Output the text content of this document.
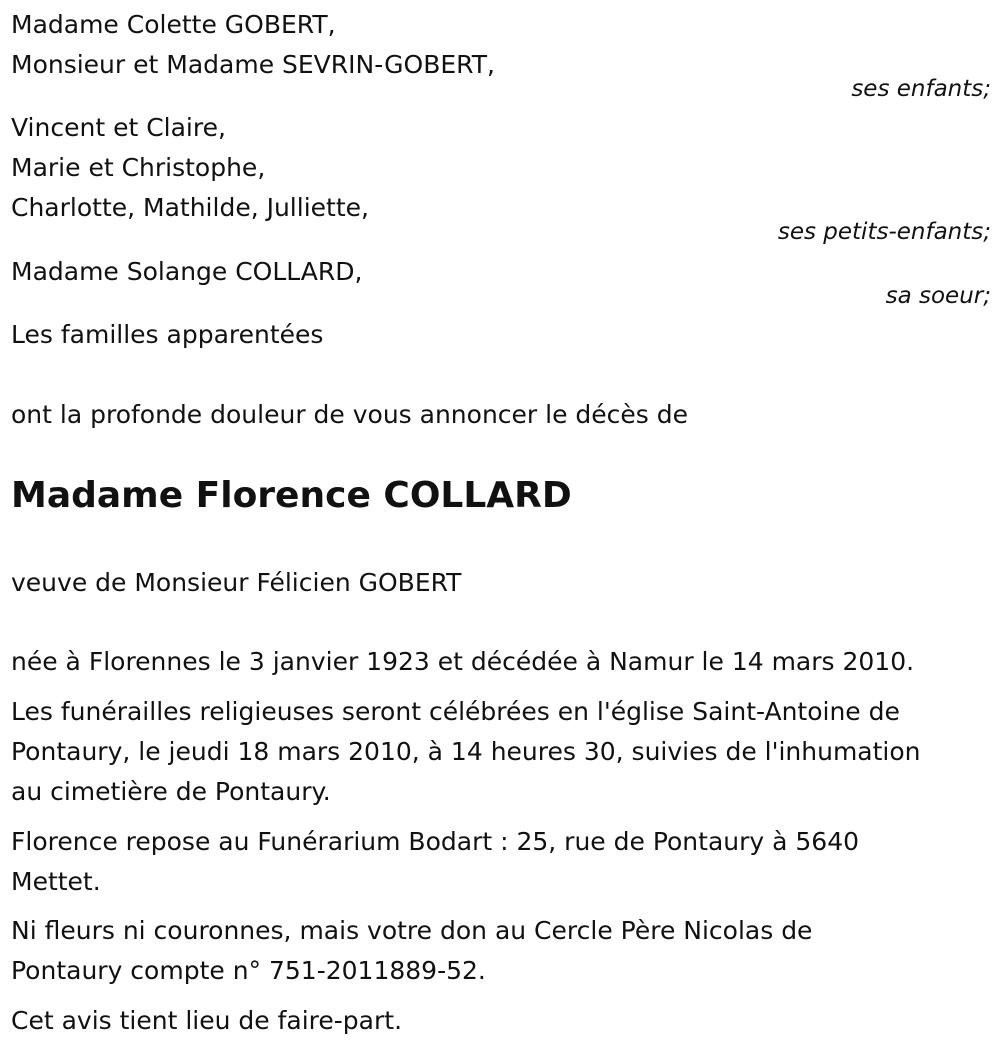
Madame Colette GOBERT,
Monsieur et Madame SEVRIN-GOBERT,
ses enfants;
Vincent et Claire,
Marie et Christophe,
Charlotte, Mathilde, Julliette,
ses petits-enfants;
Madame Solange COLLARD,
sa soeur;
Les familles apparentées
ont la profonde douleur de vous annoncer le décès de
Madame Florence COLLARD
veuve de Monsieur Félicien GOBERT
née à Florennes le 3 janvier 1923 et décédée à Namur le 14 mars 2010.
Les funérailles religieuses seront célébrées en l'église Saint-Antoine de
Pontaury, le jeudi 18 mars 2010, à 14 heures 30, suivies de l'inhumation
au cimetière de Pontaury.
Florence repose au Funérarium Bodart : 25, rue de Pontaury à 5640
Mettet.
Ni fleurs ni couronnes, mais votre don au Cercle Père Nicolas de
Pontaury compte n° 751-2011889-52.
Cet avis tient lieu de faire-part.
